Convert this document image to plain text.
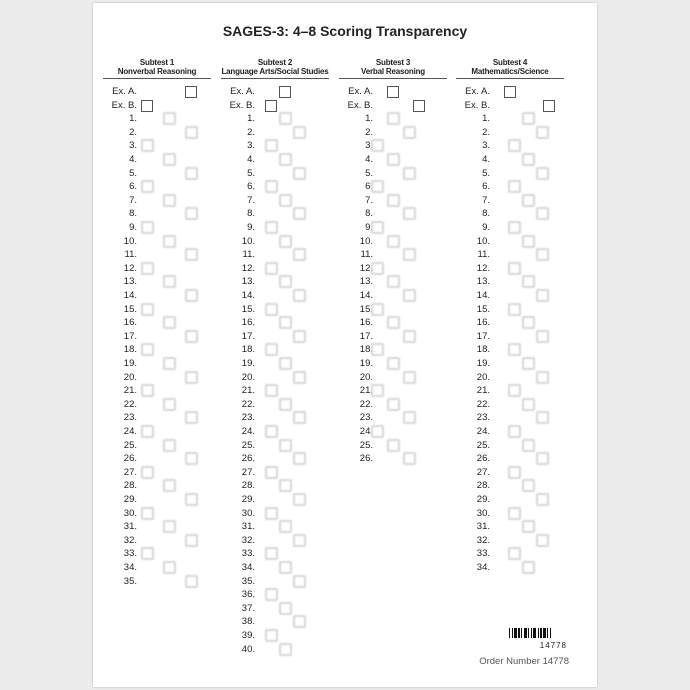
SAGES-3: 4–8 Scoring Transparency
Subtest 1
Nonverbal Reasoning
Ex. A.
Ex. B.
1.
2.
3.
4.
5.
6.
7.
8.
9.
10.
11.
12.
13.
14.
15.
16.
17.
18.
19.
20.
21.
22.
23.
24.
25.
26.
27.
28.
29.
30.
31.
32.
33.
34.
35.
Subtest 2
Language Arts/Social Studies
Ex. A.
Ex. B.
1.
2.
3.
4.
5.
6.
7.
8.
9.
10.
11.
12.
13.
14.
15.
16.
17.
18.
19.
20.
21.
22.
23.
24.
25.
26.
27.
28.
29.
30.
31.
32.
33.
34.
35.
36.
37.
38.
39.
40.
Subtest 3
Verbal Reasoning
Ex. A.
Ex. B.
1.
2.
3.
4.
5.
6.
7.
8.
9.
10.
11.
12.
13.
14.
15.
16.
17.
18.
19.
20.
21.
22.
23.
24.
25.
26.
Subtest 4
Mathematics/Science
Ex. A.
Ex. B.
1.
2.
3.
4.
5.
6.
7.
8.
9.
10.
11.
12.
13.
14.
15.
16.
17.
18.
19.
20.
21.
22.
23.
24.
25.
26.
27.
28.
29.
30.
31.
32.
33.
34.
14778
Order Number 14778
